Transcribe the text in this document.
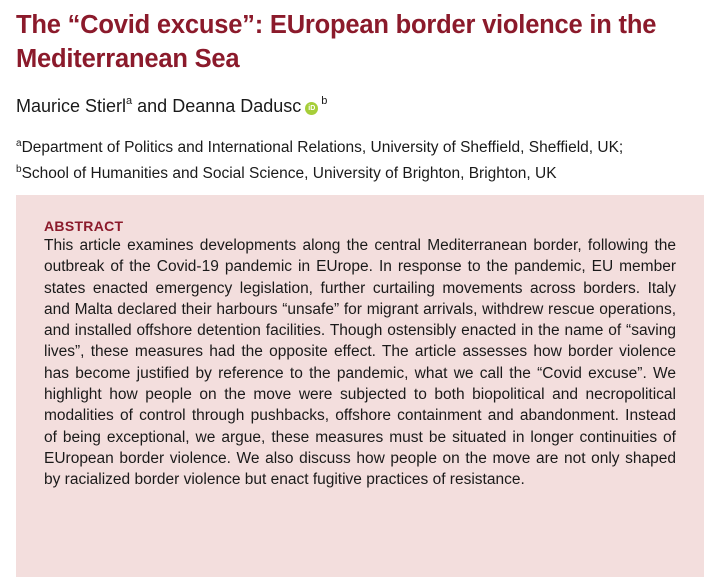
The “Covid excuse”: EUropean border violence in the Mediterranean Sea
Maurice Stierl$^a$ and Deanna Dadusc $iD^b$
$^a$Department of Politics and International Relations, University of Sheffield, Sheffield, UK;
$^b$School of Humanities and Social Science, University of Brighton, Brighton, UK
ABSTRACT

This article examines developments along the central Mediterranean border, following the outbreak of the Covid-19 pandemic in EUrope. In response to the pandemic, EU member states enacted emergency legislation, further curtailing movements across borders. Italy and Malta declared their harbours “unsafe” for migrant arrivals, withdrew rescue operations, and installed offshore detention facilities. Though ostensibly enacted in the name of “saving lives”, these measures had the opposite effect. The article assesses how border violence has become justified by reference to the pandemic, what we call the “Covid excuse”. We highlight how people on the move were subjected to both biopolitical and necropolitical modalities of control through pushbacks, offshore containment and abandonment. Instead of being exceptional, we argue, these measures must be situated in longer continuities of EUropean border violence. We also discuss how people on the move are not only shaped by racialized border violence but enact fugitive practices of resistance.
